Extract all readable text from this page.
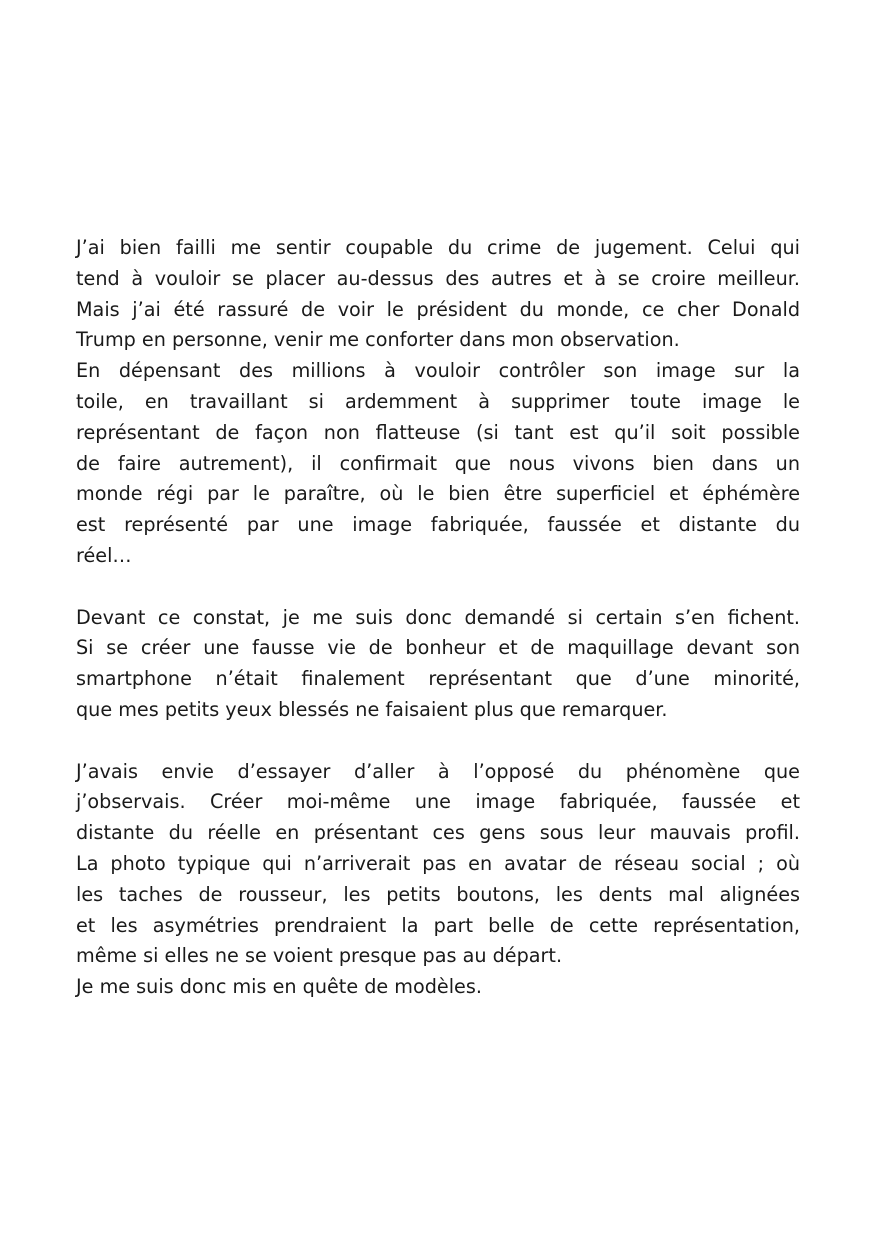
J’ai bien failli me sentir coupable du crime de jugement. Celui qui
tend à vouloir se placer au-dessus des autres et à se croire meilleur.
Mais j’ai été rassuré de voir le président du monde, ce cher Donald
Trump en personne, venir me conforter dans mon observation.
En dépensant des millions à vouloir contrôler son image sur la
toile, en travaillant si ardemment à supprimer toute image le
représentant de façon non flatteuse (si tant est qu’il soit possible
de faire autrement), il confirmait que nous vivons bien dans un
monde régi par le paraître, où le bien être superficiel et éphémère
est représenté par une image fabriquée, faussée et distante du
réel…
Devant ce constat, je me suis donc demandé si certain s’en fichent.
Si se créer une fausse vie de bonheur et de maquillage devant son
smartphone n’était finalement représentant que d’une minorité,
que mes petits yeux blessés ne faisaient plus que remarquer.
J’avais envie d’essayer d’aller à l’opposé du phénomène que
j’observais. Créer moi-même une image fabriquée, faussée et
distante du réelle en présentant ces gens sous leur mauvais profil.
La photo typique qui n’arriverait pas en avatar de réseau social ; où
les taches de rousseur, les petits boutons, les dents mal alignées
et les asymétries prendraient la part belle de cette représentation,
même si elles ne se voient presque pas au départ.
Je me suis donc mis en quête de modèles.
